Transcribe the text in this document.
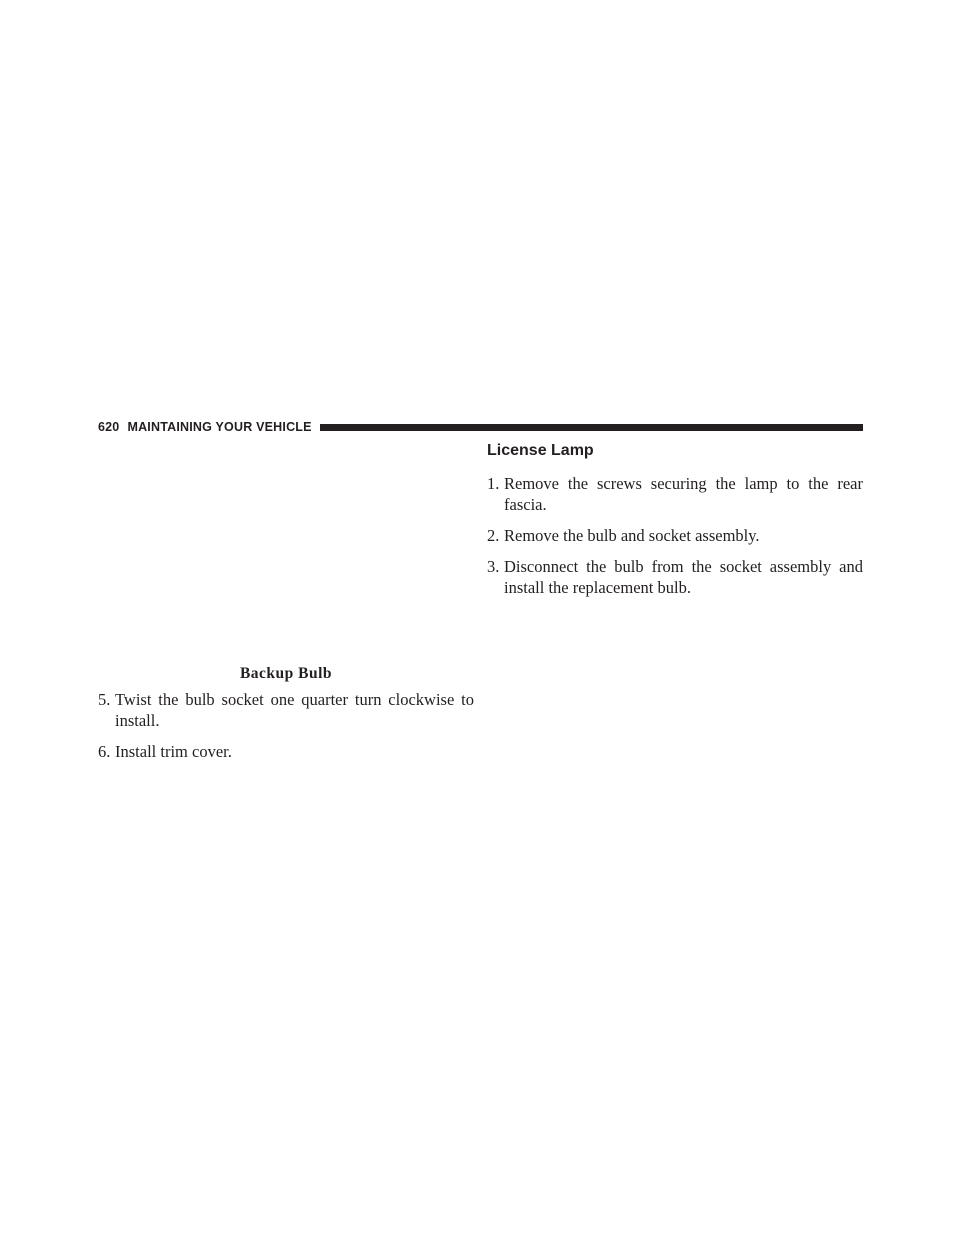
620 MAINTAINING YOUR VEHICLE
Backup Bulb

5. Twist the bulb socket one quarter turn clockwise to install.

6. Install trim cover.

License Lamp

1. Remove the screws securing the lamp to the rear fascia.

2. Remove the bulb and socket assembly.

3. Disconnect the bulb from the socket assembly and install the replacement bulb.
